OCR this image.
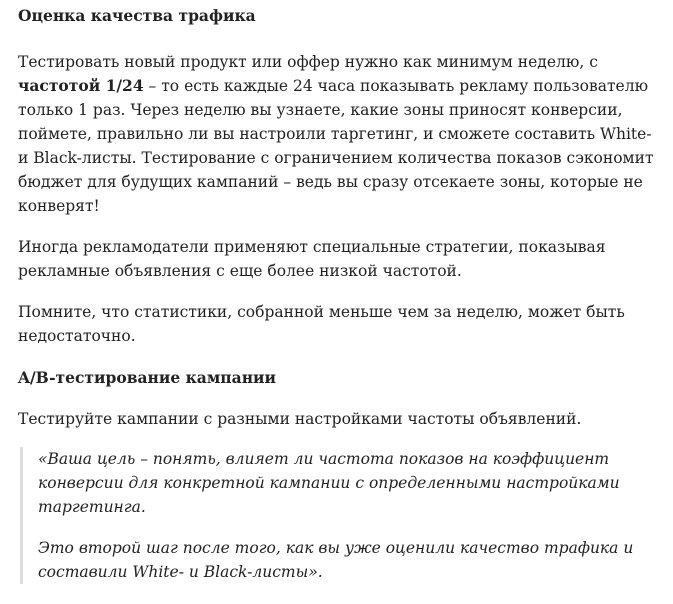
Оценка качества трафика

Тестировать новый продукт или оффер нужно как минимум неделю, с частотой 1/24 – то есть каждые 24 часа показывать рекламу пользователю только 1 раз. Через неделю вы узнаете, какие зоны приносят конверсии, поймете, правильно ли вы настроили таргетинг, и сможете составить White- и Black-листы. Тестирование с ограничением количества показов сэкономит бюджет для будущих кампаний – ведь вы сразу отсекаете зоны, которые не конверят!

Иногда рекламодатели применяют специальные стратегии, показывая рекламные объявления с еще более низкой частотой.

Помните, что статистики, собранной меньше чем за неделю, может быть недостаточно.

A/B-тестирование кампании

Тестируйте кампании с разными настройками частоты объявлений.

«Ваша цель – понять, влияет ли частота показов на коэффициент конверсии для конкретной кампании с определенными настройками таргетинга.

Это второй шаг после того, как вы уже оценили качество трафика и составили White- и Black-листы».
